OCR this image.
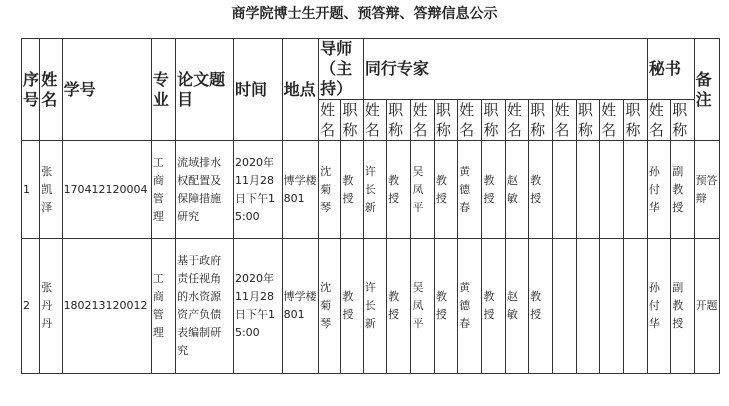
商学院博士生开题、预答辩、答辩信息公示
序号	姓名	学号	专业	论文题目	时间	地点	导师（主持）		同行专家												秘书		备注
							姓名	职称	姓名	职称	姓名	职称	姓名	职称	姓名	职称	姓名	职称	姓名	职称	姓名	职称	
1	张凯泽	170412120004	工商管理	流域排水权配置及保障措施研究	2020年11月28日下午15:00	博学楼801	沈菊琴	教授	许长新	教授	吴凤平	教授	黄德春	教授	赵敏	教授					孙付华	副教授	预答辩
2	张丹丹	180213120012	工商管理	基于政府责任视角的水资源资产负债表编制研究	2020年11月28日下午15:00	博学楼801	沈菊琴	教授	许长新	教授	吴凤平	教授	黄德春	教授	赵敏	教授					孙付华	副教授	开题
